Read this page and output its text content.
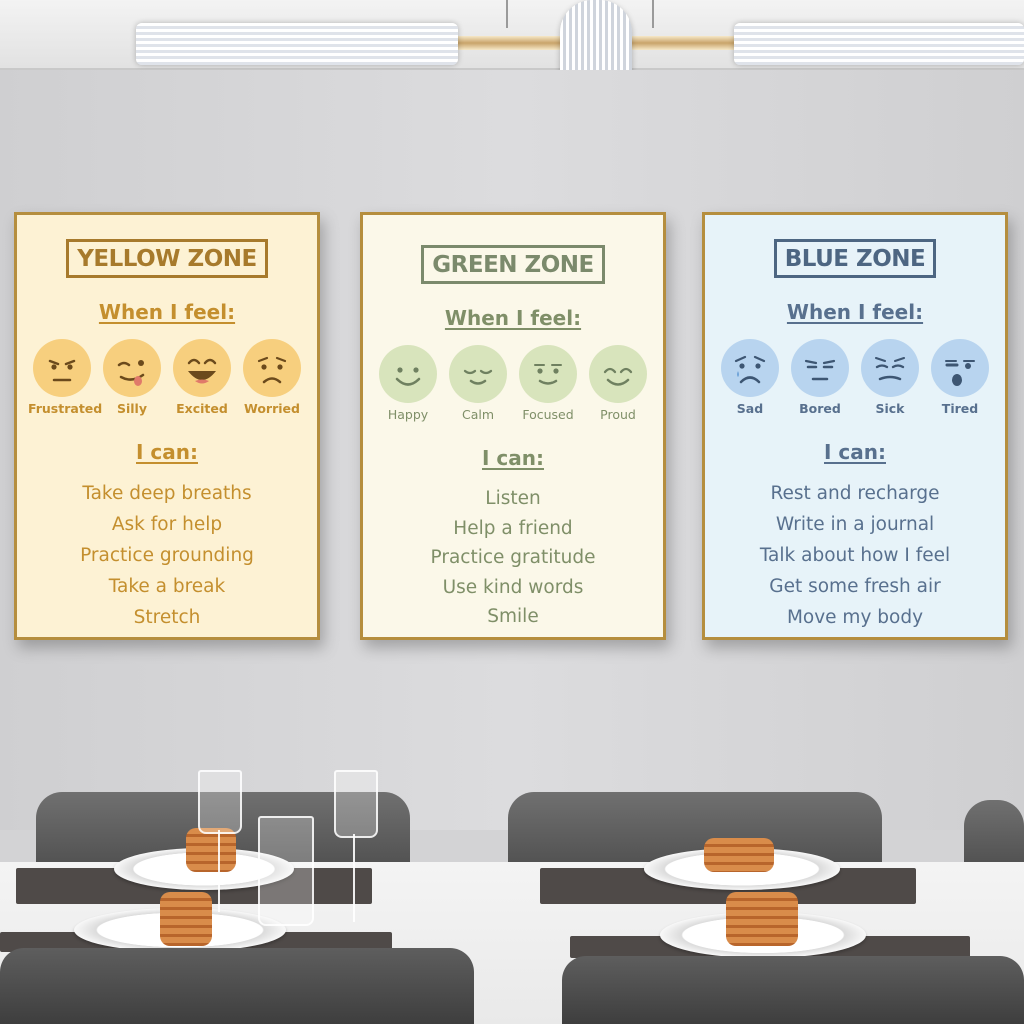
YELLOW ZONE

When I feel:

Frustrated	Silly	Excited	Worried

I can:

Take deep breaths
Ask for help
Practice grounding
Take a break
Stretch
GREEN ZONE

When I feel:

Happy	Calm	Focused	Proud

I can:

Listen
Help a friend
Practice gratitude
Use kind words
Smile
BLUE ZONE

When I feel:

Sad	Bored	Sick	Tired

I can:

Rest and recharge
Write in a journal
Talk about how I feel
Get some fresh air
Move my body
